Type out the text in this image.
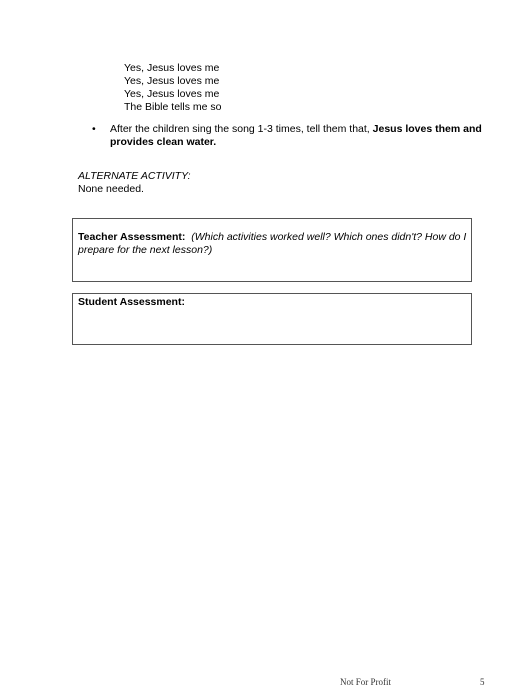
Yes, Jesus loves me
Yes, Jesus loves me
Yes, Jesus loves me
The Bible tells me so
• After the children sing the song 1-3 times, tell them that, Jesus loves them and provides clean water.
ALTERNATE ACTIVITY:
None needed.
Teacher Assessment: (Which activities worked well? Which ones didn't? How do I prepare for the next lesson?)
Student Assessment:
Not For Profit	5
